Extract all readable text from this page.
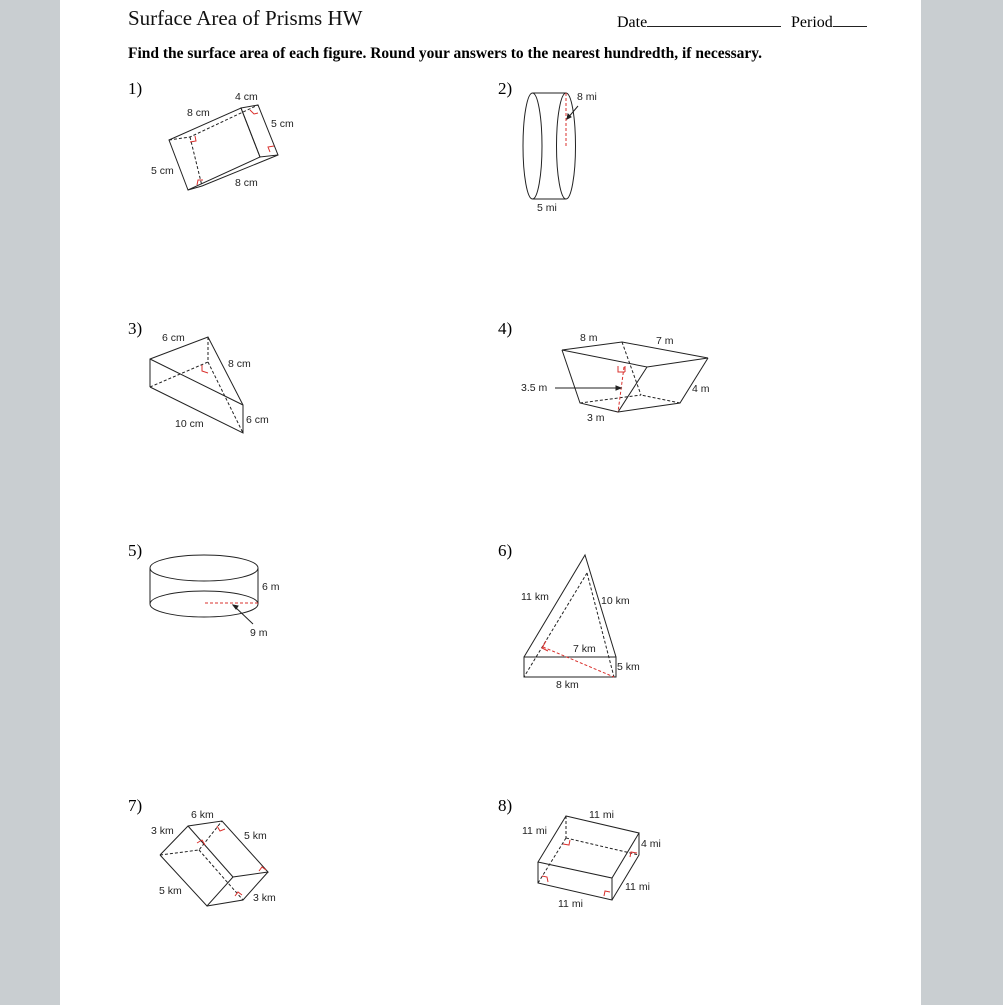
Surface Area of Prisms HW	Date	Period
Find the surface area of each figure. Round your answers to the nearest hundredth, if necessary.
1)	2)
3)	4)
5)	6)
7)	8)
4 cm
8 cm
5 cm
5 cm
8 cm
8 mi
5 mi
6 cm
8 cm
10 cm	6 cm
8 m	7 m
3.5 m	4 m
3 m
6 m
9 m
11 km	10 km
7 km
5 km
8 km
6 km
3 km	5 km
5 km
3 km
11 mi
11 mi
4 mi
11 mi
11 mi
